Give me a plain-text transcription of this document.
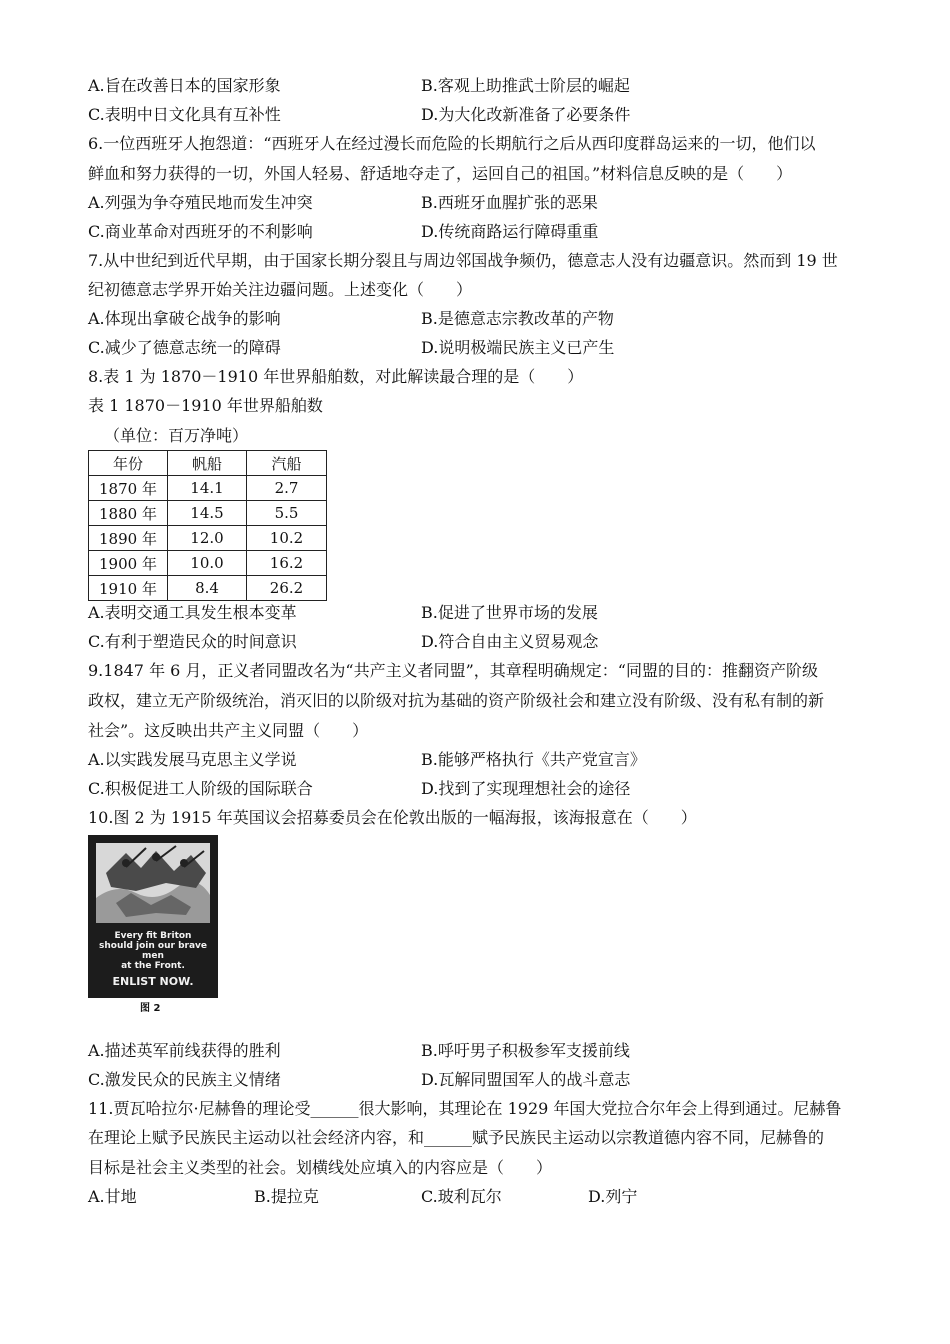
A.旨在改善日本的国家形象	B.客观上助推武士阶层的崛起
C.表明中日文化具有互补性	D.为大化改新准备了必要条件
6.一位西班牙人抱怨道：“西班牙人在经过漫长而危险的长期航行之后从西印度群岛运来的一切，他们以
鲜血和努力获得的一切，外国人轻易、舒适地夺走了，运回自己的祖国。”材料信息反映的是（　　）
A.列强为争夺殖民地而发生冲突	B.西班牙血腥扩张的恶果
C.商业革命对西班牙的不利影响	D.传统商路运行障碍重重
7.从中世纪到近代早期，由于国家长期分裂且与周边邻国战争频仍，德意志人没有边疆意识。然而到 19 世
纪初德意志学界开始关注边疆问题。上述变化（　　）
A.体现出拿破仑战争的影响	B.是德意志宗教改革的产物
C.减少了德意志统一的障碍	D.说明极端民族主义已产生
8.表 1 为 1870－1910 年世界船舶数，对此解读最合理的是（　　）
表 1 1870－1910 年世界船舶数
（单位：百万净吨）
年份	帆船	汽船
1870 年	14.1	2.7
1880 年	14.5	5.5
1890 年	12.0	10.2
1900 年	10.0	16.2
1910 年	8.4	26.2
A.表明交通工具发生根本变革	B.促进了世界市场的发展
C.有利于塑造民众的时间意识	D.符合自由主义贸易观念
9.1847 年 6 月，正义者同盟改名为“共产主义者同盟”，其章程明确规定：“同盟的目的：推翻资产阶级
政权，建立无产阶级统治，消灭旧的以阶级对抗为基础的资产阶级社会和建立没有阶级、没有私有制的新
社会”。这反映出共产主义同盟（　　）
A.以实践发展马克思主义学说	B.能够严格执行《共产党宣言》
C.积极促进工人阶级的国际联合	D.找到了实现理想社会的途径
10.图 2 为 1915 年英国议会招募委员会在伦敦出版的一幅海报，该海报意在（　　）
Every fit Briton
should join our brave men
at the Front.
ENLIST NOW.
图 2
A.描述英军前线获得的胜利	B.呼吁男子积极参军支援前线
C.激发民众的民族主义情绪	D.瓦解同盟国军人的战斗意志
11.贾瓦哈拉尔·尼赫鲁的理论受______很大影响，其理论在 1929 年国大党拉合尔年会上得到通过。尼赫鲁
在理论上赋予民族民主运动以社会经济内容，和______赋予民族民主运动以宗教道德内容不同，尼赫鲁的
目标是社会主义类型的社会。划横线处应填入的内容应是（　　）
A.甘地	B.提拉克	C.玻利瓦尔	D.列宁
